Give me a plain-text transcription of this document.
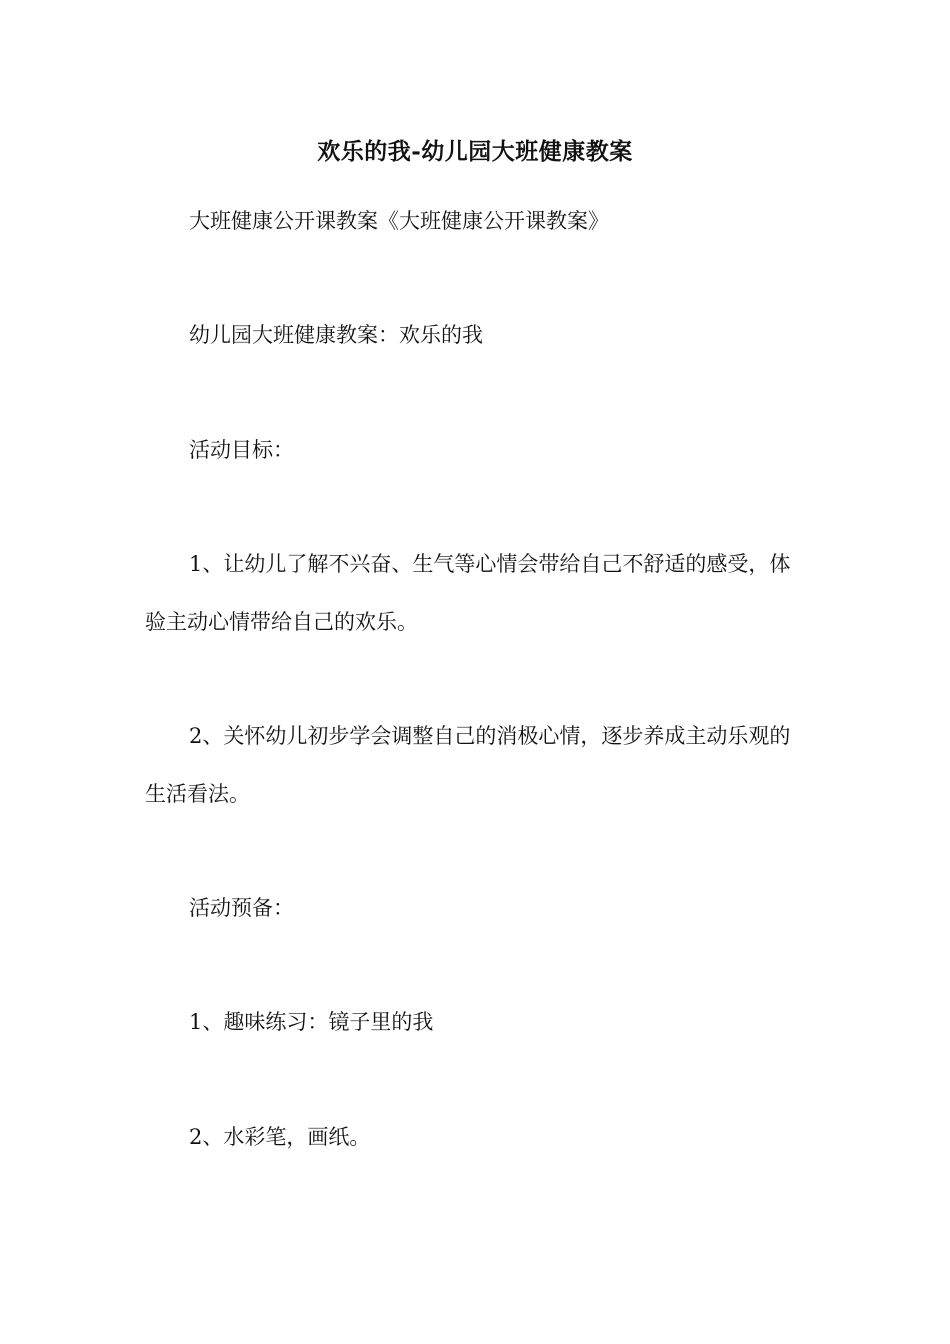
欢乐的我-幼儿园大班健康教案

大班健康公开课教案《大班健康公开课教案》

幼儿园大班健康教案：欢乐的我

活动目标：

1、让幼儿了解不兴奋、生气等心情会带给自己不舒适的感受，体验主动心情带给自己的欢乐。

2、关怀幼儿初步学会调整自己的消极心情，逐步养成主动乐观的生活看法。

活动预备：

1、趣味练习：镜子里的我

2、水彩笔，画纸。
